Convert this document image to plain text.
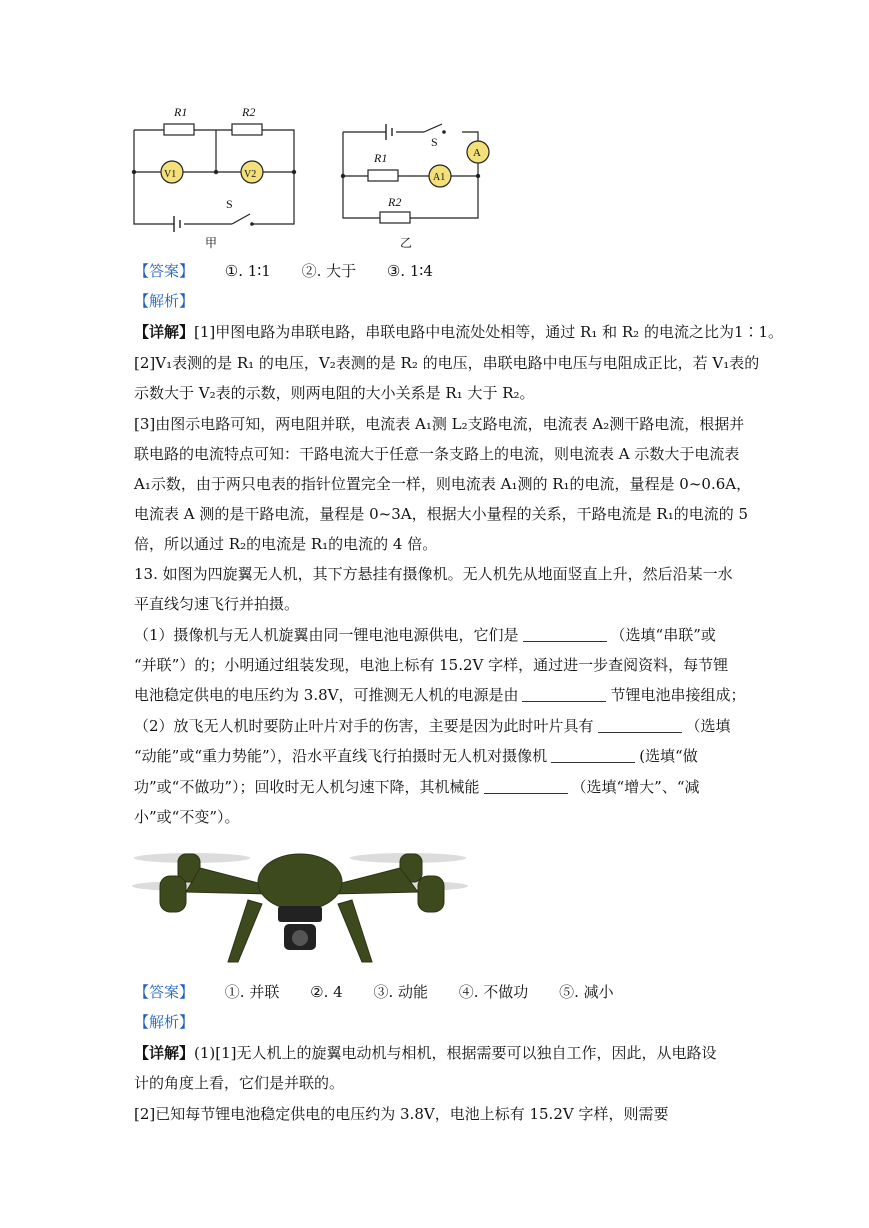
R1	R2
V1	V2
S
甲
S
A
A1
R1
R2
乙
【答案】 ①. 1∶1 ②. 大于 ③. 1∶4
【解析】
【详解】[1]甲图电路为串联电路，串联电路中电流处处相等，通过 R₁ 和 R₂ 的电流之比为1∶1。
[2]V₁表测的是 R₁ 的电压，V₂表测的是 R₂ 的电压，串联电路中电压与电阻成正比，若 V₁表的
示数大于 V₂表的示数，则两电阻的大小关系是 R₁ 大于 R₂。
[3]由图示电路可知，两电阻并联，电流表 A₁测 L₂支路电流，电流表 A₂测干路电流，根据并
联电路的电流特点可知：干路电流大于任意一条支路上的电流，则电流表 A 示数大于电流表
A₁示数，由于两只电表的指针位置完全一样，则电流表 A₁测的 R₁的电流，量程是 0~0.6A，
电流表 A 测的是干路电流，量程是 0~3A，根据大小量程的关系，干路电流是 R₁的电流的 5
倍，所以通过 R₂的电流是 R₁的电流的 4 倍。
13. 如图为四旋翼无人机，其下方悬挂有摄像机。无人机先从地面竖直上升，然后沿某一水
平直线匀速飞行并拍摄。
（1）摄像机与无人机旋翼由同一锂电池电源供电，它们是	（选填“串联”或
“并联”）的；小明通过组装发现，电池上标有 15.2V 字样，通过进一步查阅资料，每节锂
电池稳定供电的电压约为 3.8V，可推测无人机的电源是由	节锂电池串接组成；
（2）放飞无人机时要防止叶片对手的伤害，主要是因为此时叶片具有	（选填
“动能”或“重力势能”），沿水平直线飞行拍摄时无人机对摄像机	(选填“做
功”或“不做功”）；回收时无人机匀速下降，其机械能	（选填“增大”、“减
小”或“不变”）。
【答案】 ①. 并联 ②. 4 ③. 动能 ④. 不做功 ⑤. 减小
【解析】
【详解】(1)[1]无人机上的旋翼电动机与相机，根据需要可以独自工作，因此，从电路设
计的角度上看，它们是并联的。
[2]已知每节锂电池稳定供电的电压约为 3.8V，电池上标有 15.2V 字样，则需要
